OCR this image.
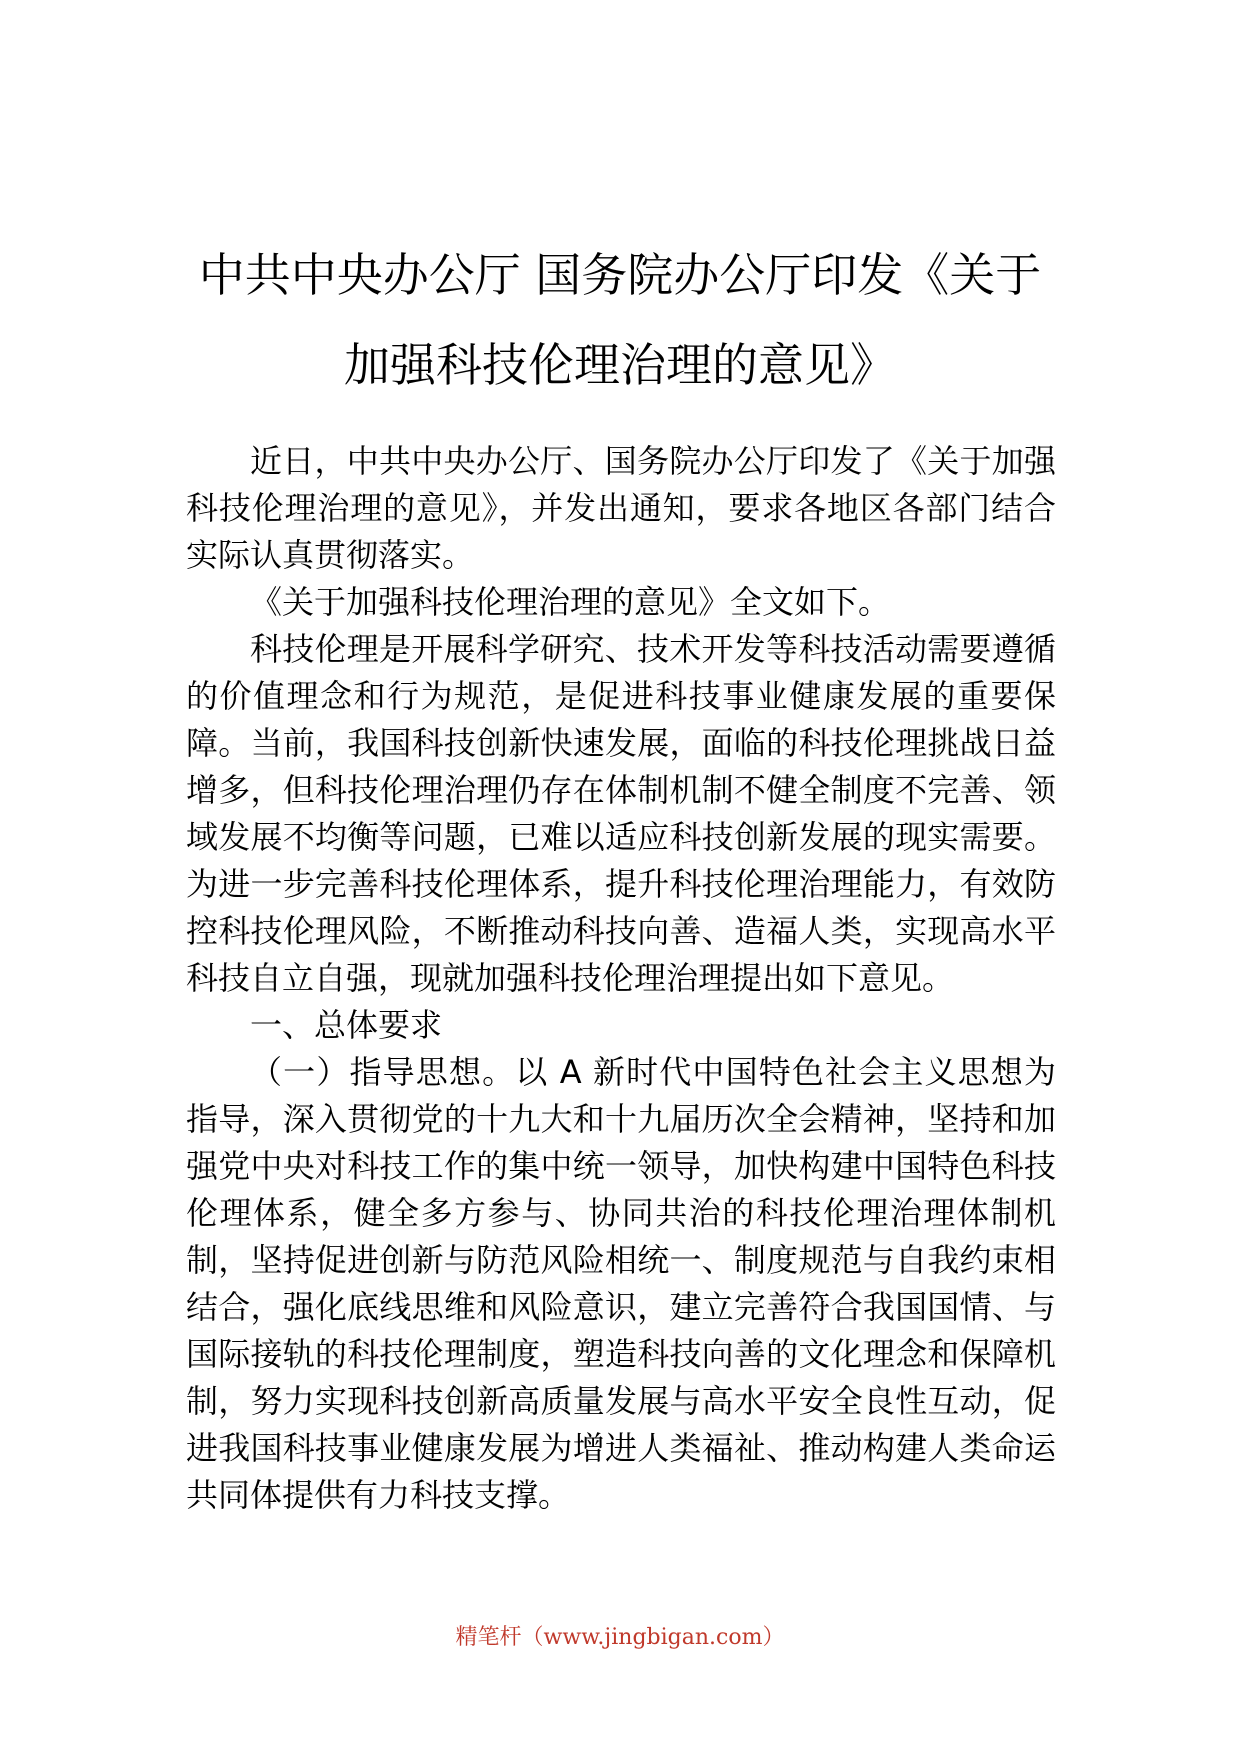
中共中央办公厅 国务院办公厅印发《关于

加强科技伦理治理的意见》

近日，中共中央办公厅、国务院办公厅印发了《关于加强科技伦理治理的意见》，并发出通知，要求各地区各部门结合实际认真贯彻落实。

《关于加强科技伦理治理的意见》全文如下。

科技伦理是开展科学研究、技术开发等科技活动需要遵循的价值理念和行为规范，是促进科技事业健康发展的重要保障。当前，我国科技创新快速发展，面临的科技伦理挑战日益增多，但科技伦理治理仍存在体制机制不健全制度不完善、领域发展不均衡等问题，已难以适应科技创新发展的现实需要。为进一步完善科技伦理体系，提升科技伦理治理能力，有效防控科技伦理风险，不断推动科技向善、造福人类，实现高水平科技自立自强，现就加强科技伦理治理提出如下意见。

一、总体要求

（一）指导思想。以 A 新时代中国特色社会主义思想为指导，深入贯彻党的十九大和十九届历次全会精神，坚持和加强党中央对科技工作的集中统一领导，加快构建中国特色科技伦理体系，健全多方参与、协同共治的科技伦理治理体制机制，坚持促进创新与防范风险相统一、制度规范与自我约束相结合，强化底线思维和风险意识，建立完善符合我国国情、与国际接轨的科技伦理制度，塑造科技向善的文化理念和保障机制，努力实现科技创新高质量发展与高水平安全良性互动，促进我国科技事业健康发展为增进人类福祉、推动构建人类命运共同体提供有力科技支撑。

精笔杆（www.jingbigan.com）
